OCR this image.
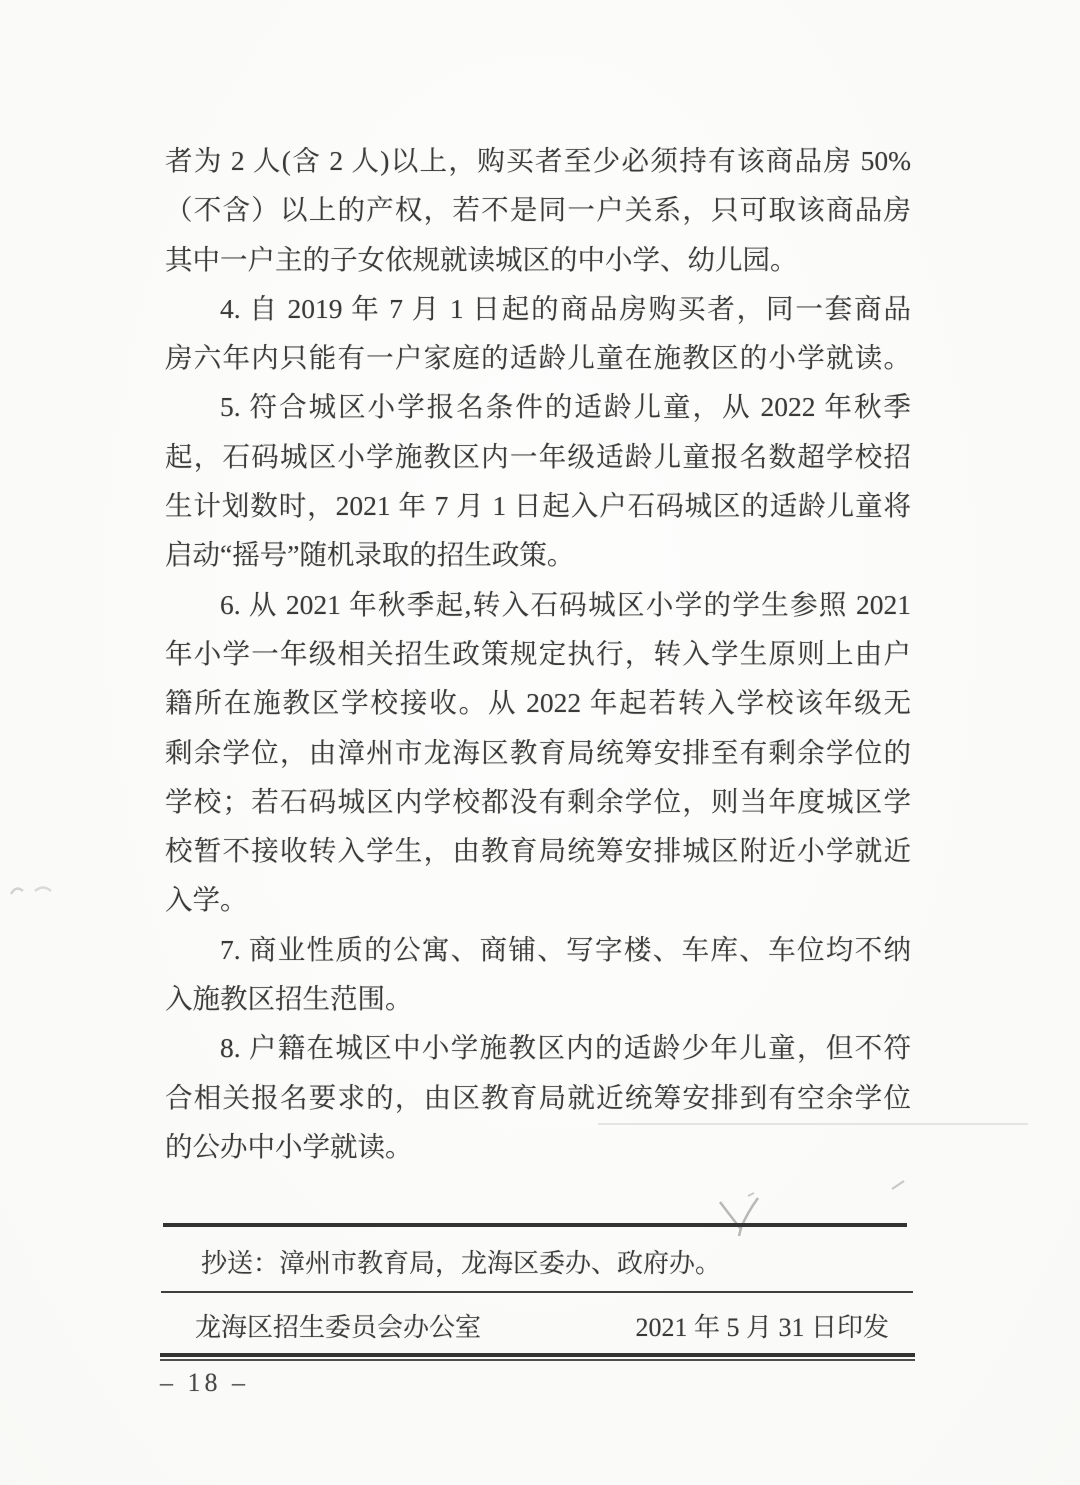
者为 2 人(含 2 人)以上，购买者至少必须持有该商品房 50%
（不含）以上的产权，若不是同一户关系，只可取该商品房
其中一户主的子女依规就读城区的中小学、幼儿园。
4. 自 2019 年 7 月 1 日起的商品房购买者，同一套商品
房六年内只能有一户家庭的适龄儿童在施教区的小学就读。
5. 符合城区小学报名条件的适龄儿童，从 2022 年秋季
起，石码城区小学施教区内一年级适龄儿童报名数超学校招
生计划数时，2021 年 7 月 1 日起入户石码城区的适龄儿童将
启动“摇号”随机录取的招生政策。
6. 从 2021 年秋季起,转入石码城区小学的学生参照 2021
年小学一年级相关招生政策规定执行，转入学生原则上由户
籍所在施教区学校接收。从 2022 年起若转入学校该年级无
剩余学位，由漳州市龙海区教育局统筹安排至有剩余学位的
学校；若石码城区内学校都没有剩余学位，则当年度城区学
校暂不接收转入学生，由教育局统筹安排城区附近小学就近
入学。
7. 商业性质的公寓、商铺、写字楼、车库、车位均不纳
入施教区招生范围。
8. 户籍在城区中小学施教区内的适龄少年儿童，但不符
合相关报名要求的，由区教育局就近统筹安排到有空余学位
的公办中小学就读。
抄送：漳州市教育局，龙海区委办、政府办。
龙海区招生委员会办公室	2021 年 5 月 31 日印发
– 18 –
